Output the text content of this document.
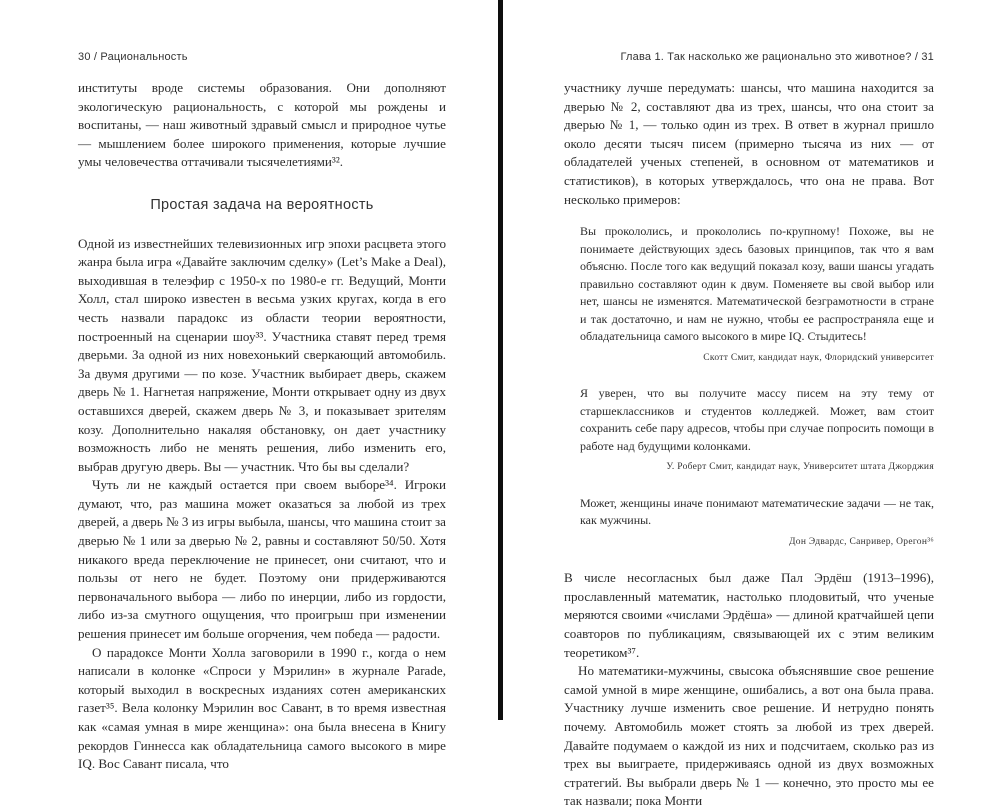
30 / Рациональность

институты вроде системы образования. Они дополняют экологическую рациональность, с которой мы рождены и воспитаны, — наш животный здравый смысл и природное чутье — мышлением более широкого применения, которые лучшие умы человечества оттачивали тысячелетиями³².

Простая задача на вероятность

Одной из известнейших телевизионных игр эпохи расцвета этого жанра была игра «Давайте заключим сделку» (Let’s Make a Deal), выходившая в телеэфир с 1950-х по 1980-е гг. Ведущий, Монти Холл, стал широко известен в весьма узких кругах, когда в его честь назвали парадокс из области теории вероятности, построенный на сценарии шоу³³. Участника ставят перед тремя дверьми. За одной из них новехонький сверкающий автомобиль. За двумя другими — по козе. Участник выбирает дверь, скажем дверь № 1. Нагнетая напряжение, Монти открывает одну из двух оставшихся дверей, скажем дверь № 3, и показывает зрителям козу. Дополнительно накаляя обстановку, он дает участнику возможность либо не менять решения, либо изменить его, выбрав другую дверь. Вы — участник. Что бы вы сделали?

Чуть ли не каждый остается при своем выборе³⁴. Игроки думают, что, раз машина может оказаться за любой из трех дверей, а дверь № 3 из игры выбыла, шансы, что машина стоит за дверью № 1 или за дверью № 2, равны и составляют 50/50. Хотя никакого вреда переключение не принесет, они считают, что и пользы от него не будет. Поэтому они придерживаются первоначального выбора — либо по инерции, либо из гордости, либо из-за смутного ощущения, что проигрыш при изменении решения принесет им больше огорчения, чем победа — радости.

О парадоксе Монти Холла заговорили в 1990 г., когда о нем написали в колонке «Спроси у Мэрилин» в журнале Parade, который выходил в воскресных изданиях сотен американских газет³⁵. Вела колонку Мэрилин вос Савант, в то время известная как «самая умная в мире женщина»: она была внесена в Книгу рекордов Гиннесса как обладательница самого высокого в мире IQ. Вос Савант писала, что

Глава 1. Так насколько же рационально это животное? / 31

участнику лучше передумать: шансы, что машина находится за дверью № 2, составляют два из трех, шансы, что она стоит за дверью № 1, — только один из трех. В ответ в журнал пришло около десяти тысяч писем (примерно тысяча из них — от обладателей ученых степеней, в основном от математиков и статистиков), в которых утверждалось, что она не права. Вот несколько примеров:

Вы прокололись, и прокололись по-крупному! Похоже, вы не понимаете действующих здесь базовых принципов, так что я вам объясню. После того как ведущий показал козу, ваши шансы угадать правильно составляют один к двум. Поменяете вы свой выбор или нет, шансы не изменятся. Математической безграмотности в стране и так достаточно, и нам не нужно, чтобы ее распространяла еще и обладательница самого высокого в мире IQ. Стыдитесь!

Скотт Смит, кандидат наук, Флоридский университет

Я уверен, что вы получите массу писем на эту тему от старшеклассников и студентов колледжей. Может, вам стоит сохранить себе пару адресов, чтобы при случае попросить помощи в работе над будущими колонками.

У. Роберт Смит, кандидат наук, Университет штата Джорджия

Может, женщины иначе понимают математические задачи — не так, как мужчины.

Дон Эдвардс, Санривер, Орегон³⁶

В числе несогласных был даже Пал Эрдёш (1913–1996), прославленный математик, настолько плодовитый, что ученые меряются своими «числами Эрдёша» — длиной кратчайшей цепи соавторов по публикациям, связывающей их с этим великим теоретиком³⁷.

Но математики-мужчины, свысока объяснявшие свое решение самой умной в мире женщине, ошибались, а вот она была права. Участнику лучше изменить свое решение. И нетрудно понять почему. Автомобиль может стоять за любой из трех дверей. Давайте подумаем о каждой из них и подсчитаем, сколько раз из трех вы выиграете, придерживаясь одной из двух возможных стратегий. Вы выбрали дверь № 1 — конечно, это просто мы ее так назвали; пока Монти
